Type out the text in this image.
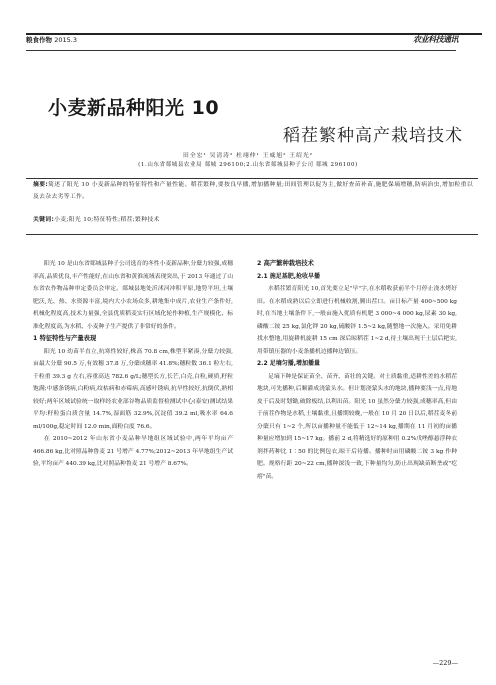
粮食作物 2015.3	农业科技通讯
小麦新品种阳光 10
稻茬繁种高产栽培技术
田全宏¹ 吴清涛² 杜翊仲¹ 王威旭² 王绍光²
(1.山东省郯城县农业局 郯城 296100;2.山东省郯城县种子公司 郯城 296100)
摘要:简述了阳光 10 小麦新品种的特征特性和产量性能。稻茬繁种,要按良早播,增加播种量;田间管理以促为主,做好查苗补苗,施肥保墒增穗,防病治虫,增加粒重以及去杂去劣等工作。
关键词:小麦;阳光 10;特征特性;稻茬;繁种技术

阳光 10 是山东省郯城县种子公司选育的冬性小麦新品种,分蘖力较强,成穗率高,品质优良,丰产性能好,在山东省和黄淮流域表现突出,于 2013 年通过了山东省农作物品种审定委员会审定。郯城县地处沂沭河冲积平原,地势平坦,土壤肥沃,光、热、水资源丰富,境内大小农场众多,耕地集中成片,农业生产条件好,机械化程度高,技术力量强,全县优质稻麦实行区域化轮作种植,生产规模化、标准化程度高,为水稻、小麦种子生产提供了非常好的条件。

1 特征特性与产量表现

阳光 10 幼苗半直立,抗寒性较好,株高 70.8 cm,株型半紧凑,分蘖力较强,亩最大分蘖 90.5 万,有效穗 37.8 万,分蘖成穗率 41.8%;穗粒数 36.1 粒左右,千粒重 39.3 g 左右,容重高达 782.6 g/L;穗型长方,长芒,白壳,白粒,硬质,籽粒饱满;中感条锈病,白粉病,纹枯病和赤霉病,高感叶锈病,抗旱性较好,抗倒伏,熟相较好;两年区域试验统一取样经农业部谷物品质监督检测试中心(泰安)测试结果平均:籽粒蛋白质含量 14.7%,湿面筋 32.9%,沉淀值 39.2 ml,吸水率 64.6 ml/100g,稳定时间 12.0 min,面粉白度 76.6。

在 2010~2012 年山东省小麦品种旱地组区域试验中,两年平均亩产 466.86 kg,比对照品种鲁麦 21 号增产 4.77%;2012~2013 年旱地组生产试验,平均亩产 440.39 kg,比对照品种鲁麦 21 号增产 8.67%。

2 高产繁种栽培技术
2.1 施足基肥,抢收早播

水稻茬繁育阳光 10,首先要立足"早"字,在水稻收获前半个月停止浇水烤好田。在水稻成熟以后立即进行机械收割,腾出茬口。亩日标产量 400~500 kg 时,在当地土壤条件下,一般亩施入优质有机肥 3 000~4 000 kg,尿素 30 kg,磷酸二铵 25 kg,氯化钾 20 kg,硫酸锌 1.5~2 kg,随整地一次施入。采用免耕找水整地,用旋耕机旋耕 15 cm 深后晾稻茬 1~2 d,待土壤出现干土层后耙实,用带镇压器的小麦条播机边播种边镇压。

2.2 足墒匀播,增加播量

足墒下种是保证苗全、苗齐、苗壮的关键。对土质黏重,适耕性差的水稻茬地块,可先播种,后顺灌成浇蒙头水。但计划浇蒙头水的地块,播种要浅一点,待地皮干后及时划锄,破除板结,以利出苗。阳光 10 虽然分蘖力较强,成穗率高,但由于前茬作物是水稻,土壤黏重,且播期较晚,一般在 10 月 20 日以后,稻茬麦冬前分蘖只有 1~2 个,所以亩播种量不能低于 12~14 kg,播期在 11 月初的亩播种量应增加到 15~17 kg。播前 2 d,将精选好的原种用 0.2%戊唑醇悬浮种衣剂拌药种比 1∶50 的比例包衣,晾干后待播。播种时亩用磷酸二铵 3 kg 作种肥。规格行距 20~22 cm,播种深浅一致,下种量均匀,防止出现缺苗断垄或"疙瘩"苗。

—229—
